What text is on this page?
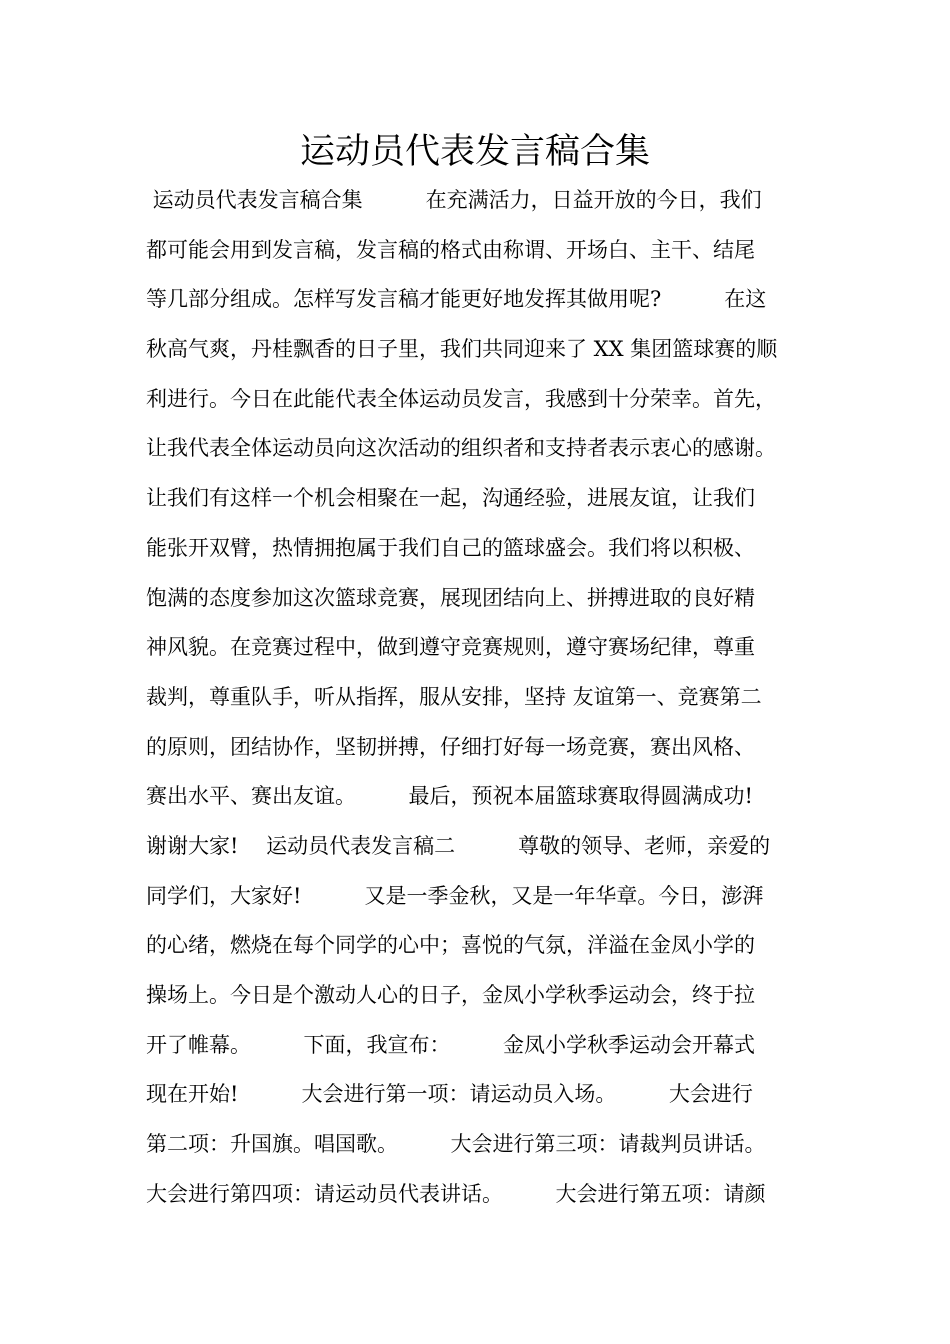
运动员代表发言稿合集
运动员代表发言稿合集　　　在充满活力，日益开放的今日，我们
都可能会用到发言稿，发言稿的格式由称谓、开场白、主干、结尾
等几部分组成。怎样写发言稿才能更好地发挥其做用呢?　　　在这
秋高气爽，丹桂飘香的日子里，我们共同迎来了 XX 集团篮球赛的顺
利进行。今日在此能代表全体运动员发言，我感到十分荣幸。首先，
让我代表全体运动员向这次活动的组织者和支持者表示衷心的感谢。
让我们有这样一个机会相聚在一起，沟通经验，进展友谊，让我们
能张开双臂，热情拥抱属于我们自己的篮球盛会。我们将以积极、
饱满的态度参加这次篮球竞赛，展现团结向上、拼搏进取的良好精
神风貌。在竞赛过程中，做到遵守竞赛规则，遵守赛场纪律，尊重
裁判，尊重队手，听从指挥，服从安排，坚持 友谊第一、竞赛第二
的原则，团结协作，坚韧拼搏，仔细打好每一场竞赛，赛出风格、
赛出水平、赛出友谊。　　　最后，预祝本届篮球赛取得圆满成功!
谢谢大家!　 运动员代表发言稿二　　　尊敬的领导、老师，亲爱的
同学们，大家好!　　　又是一季金秋，又是一年华章。今日，澎湃
的心绪，燃烧在每个同学的心中；喜悦的气氛，洋溢在金凤小学的
操场上。今日是个激动人心的日子，金凤小学秋季运动会，终于拉
开了帷幕。　　　下面，我宣布：　　　金凤小学秋季运动会开幕式
现在开始!　　　大会进行第一项：请运动员入场。　　　大会进行
第二项：升国旗。唱国歌。　　　大会进行第三项：请裁判员讲话。
大会进行第四项：请运动员代表讲话。　　　大会进行第五项：请颜
